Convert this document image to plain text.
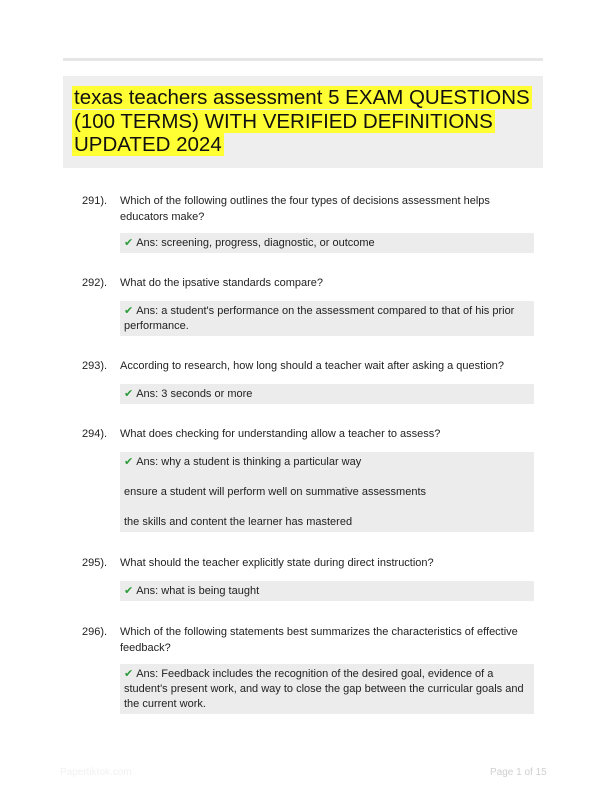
texas teachers assessment 5 EXAM QUESTIONS (100 TERMS) WITH VERIFIED DEFINITIONS UPDATED 2024
291). Which of the following outlines the four types of decisions assessment helps educators make?
✔ Ans: screening, progress, diagnostic, or outcome
292). What do the ipsative standards compare?
✔ Ans: a student's performance on the assessment compared to that of his prior performance.
293). According to research, how long should a teacher wait after asking a question?
✔ Ans: 3 seconds or more
294). What does checking for understanding allow a teacher to assess?
✔ Ans: why a student is thinking a particular way
ensure a student will perform well on summative assessments
the skills and content the learner has mastered
295). What should the teacher explicitly state during direct instruction?
✔ Ans: what is being taught
296). Which of the following statements best summarizes the characteristics of effective feedback?
✔ Ans: Feedback includes the recognition of the desired goal, evidence of a student's present work, and way to close the gap between the curricular goals and the current work.
Papertiktok.com	Page 1 of 15
